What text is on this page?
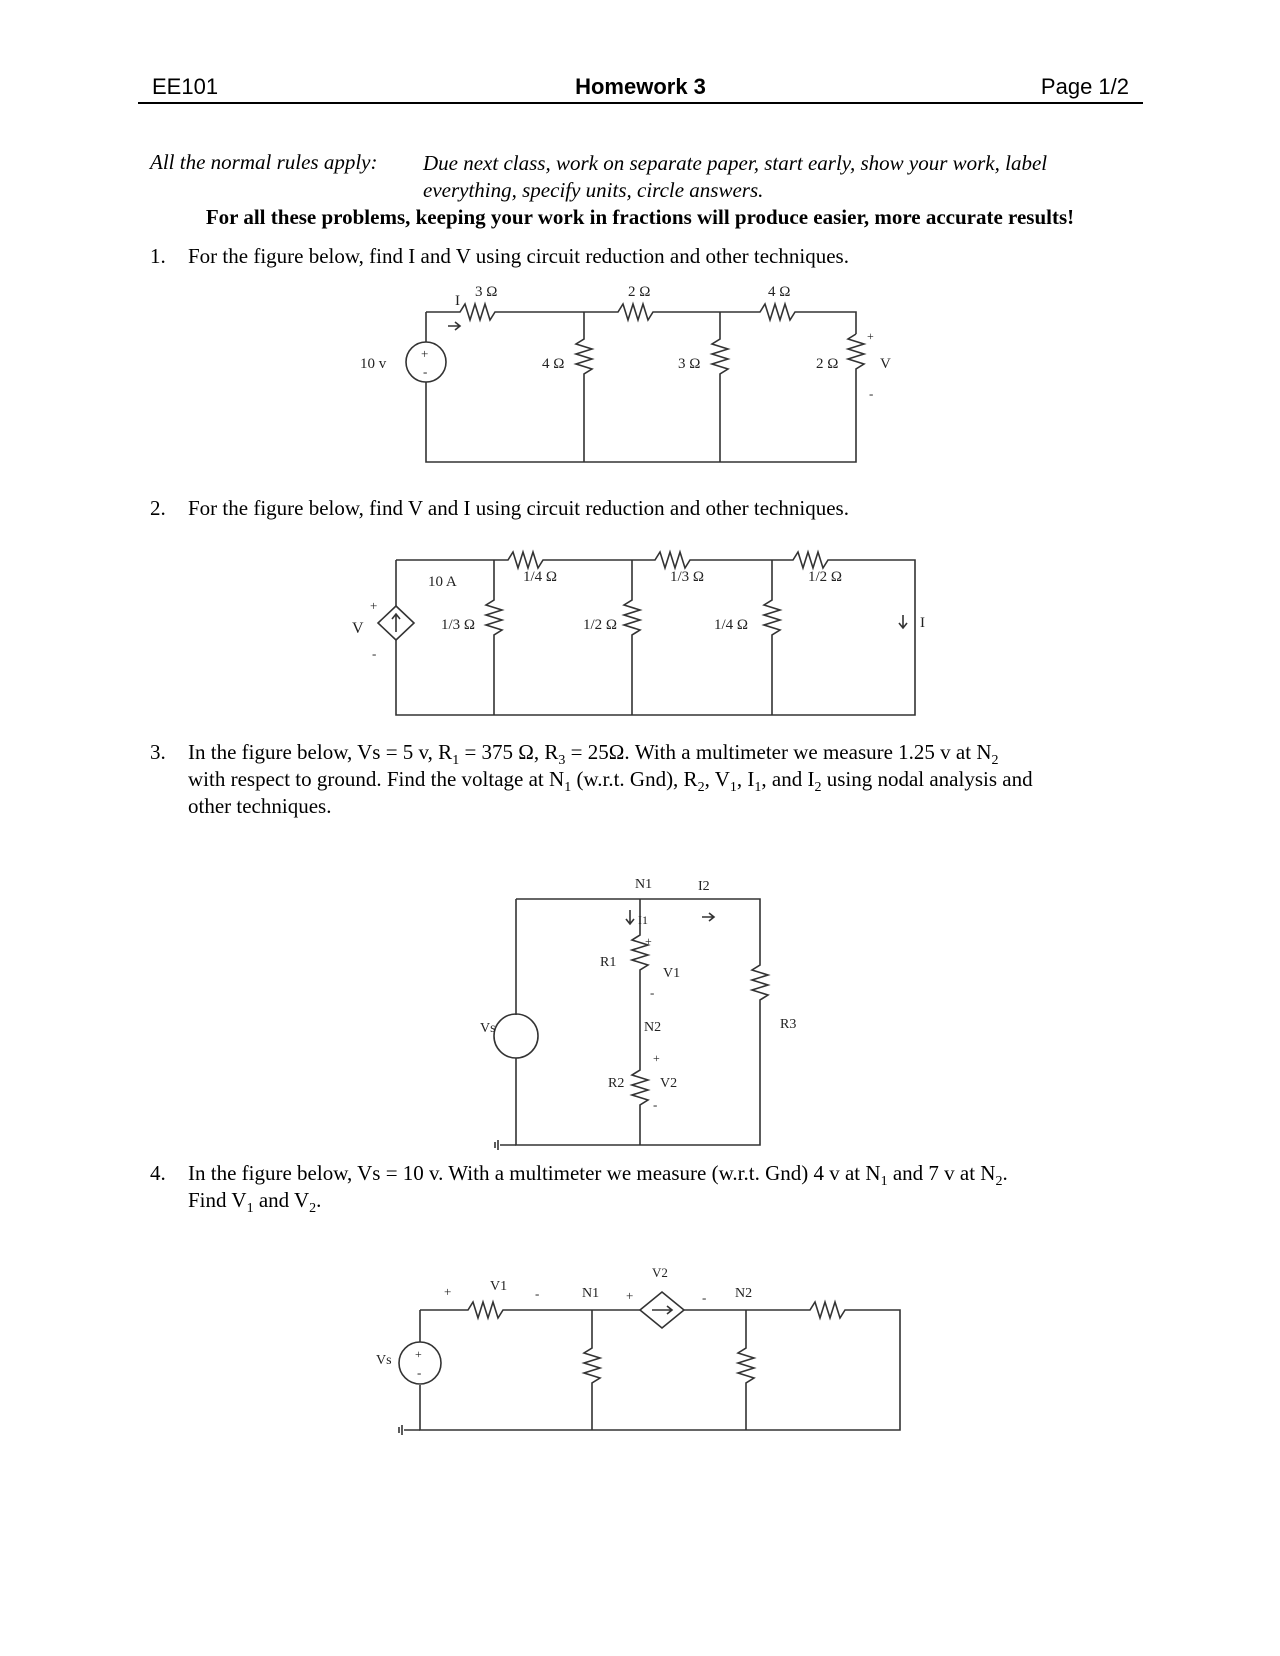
EE101	Homework 3	Page 1/2
All the normal rules apply: Due next class, work on separate paper, start early, show your work, label everything, specify units, circle answers.
For all these problems, keeping your work in fractions will produce easier, more accurate results!
1. For the figure below, find I and V using circuit reduction and other techniques.
I
3 Ω	2 Ω	4 Ω
4 Ω	3 Ω	2 Ω
10 v
+
-	V
+
-
2. For the figure below, find V and I using circuit reduction and other techniques.
10 A
V
+
-
1/4 Ω	1/3 Ω	1/2 Ω
1/3 Ω	1/2 Ω	1/4 Ω	I
3. In the figure below, Vs = 5 v, $R_1 = 375$ Ω, $R_3 = 25\Omega$. With a multimeter we measure 1.25 v at $N_2$
with respect to ground. Find the voltage at $N_1$ (w.r.t. Gnd), $R_2$, $V_1$, $I_1$, and $I_2$ using nodal analysis and
other techniques.
N1	I2
I1
+
R1
V1
-
N2
Vs	R3
+
R2	V2
-
4. In the figure below, Vs = 10 v. With a multimeter we measure (w.r.t. Gnd) 4 v at $N_1$ and 7 v at $N_2$.
Find $V_1$ and $V_2$.
+	V1 -	N1
V2
+	- N2
Vs +
-
